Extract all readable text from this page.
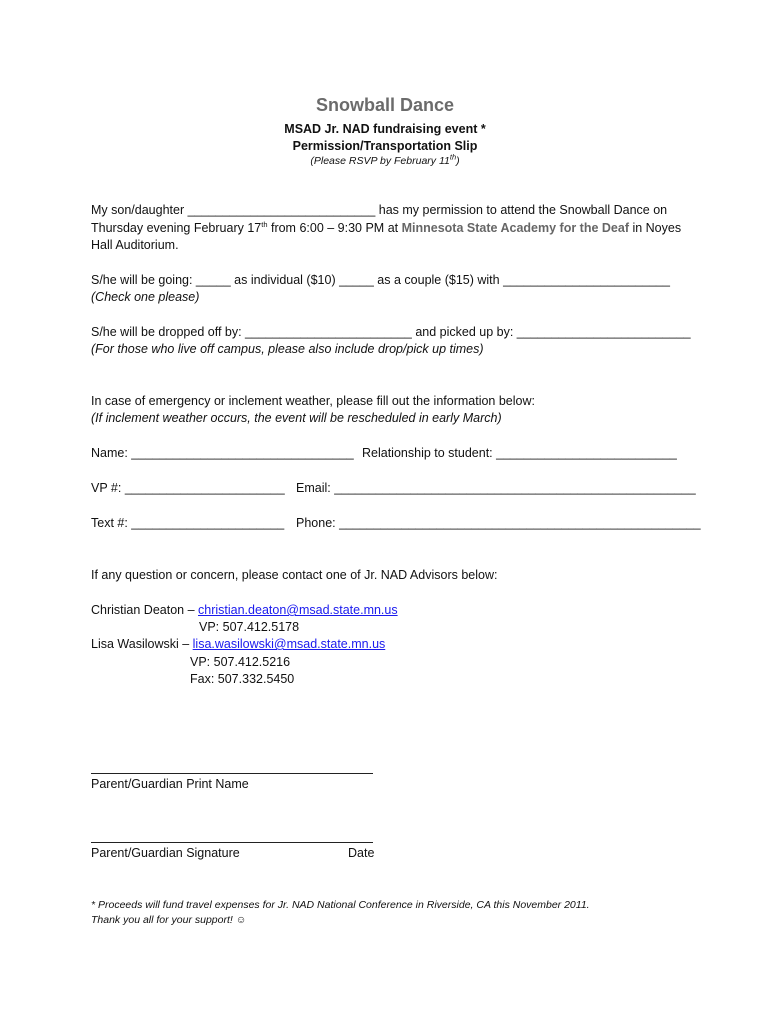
Snowball Dance
MSAD Jr. NAD fundraising event *
Permission/Transportation Slip
(Please RSVP by February 11th)
My son/daughter ___________________________ has my permission to attend the Snowball Dance on
Thursday evening February 17th from 6:00 – 9:30 PM at Minnesota State Academy for the Deaf in Noyes
Hall Auditorium.
S/he will be going: _____ as individual ($10) _____ as a couple ($15) with ________________________
(Check one please)
S/he will be dropped off by: ________________________ and picked up by: _________________________
(For those who live off campus, please also include drop/pick up times)
In case of emergency or inclement weather, please fill out the information below:
(If inclement weather occurs, the event will be rescheduled in early March)
Name: ________________________________ Relationship to student: __________________________
VP #: _______________________ Email: ____________________________________________________
Text #: ______________________ Phone: ____________________________________________________
If any question or concern, please contact one of Jr. NAD Advisors below:
Christian Deaton – christian.deaton@msad.state.mn.us
VP: 507.412.5178
Lisa Wasilowski – lisa.wasilowski@msad.state.mn.us
VP: 507.412.5216
Fax: 507.332.5450
Parent/Guardian Print Name
Parent/Guardian Signature	Date
* Proceeds will fund travel expenses for Jr. NAD National Conference in Riverside, CA this November 2011.
Thank you all for your support! ☺
